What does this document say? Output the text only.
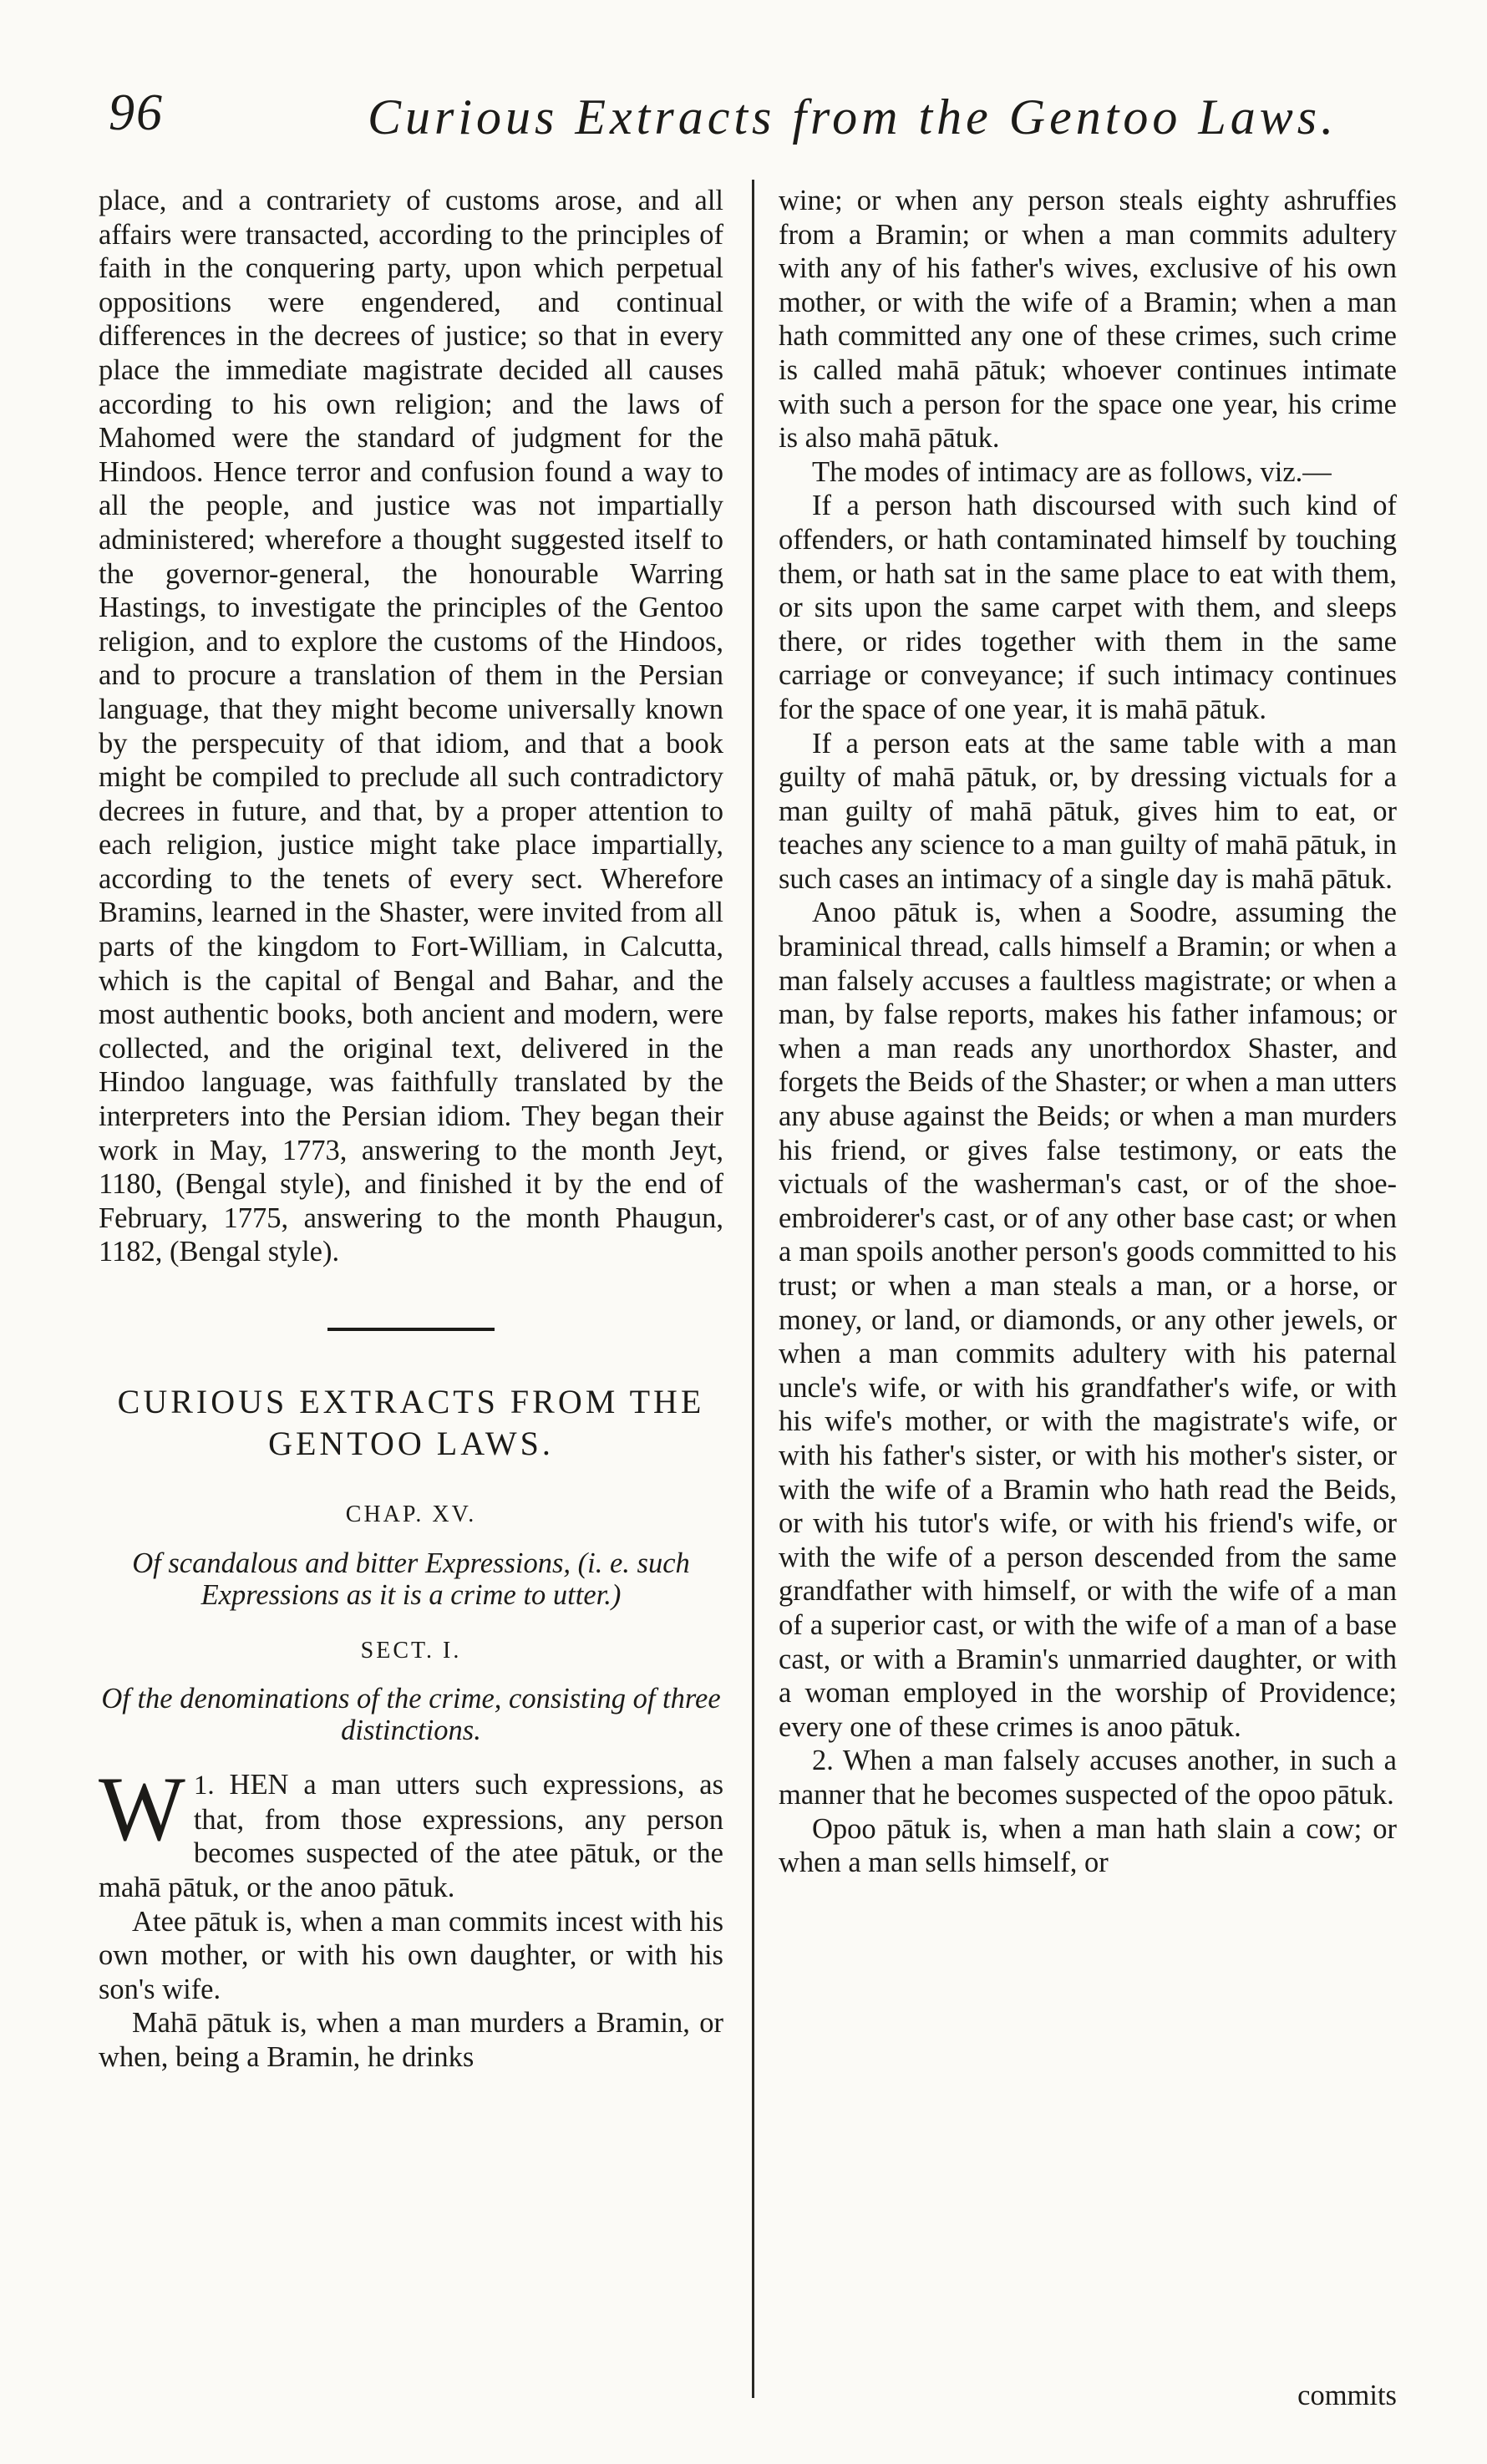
96	Curious Extracts from the Gentoo Laws.

place, and a contrariety of customs arose, and all affairs were transacted, according to the principles of faith in the conquering party, upon which perpetual oppositions were engendered, and continual differences in the decrees of justice; so that in every place the immediate magistrate decided all causes according to his own religion; and the laws of Mahomed were the standard of judgment for the Hindoos. Hence terror and confusion found a way to all the people, and justice was not impartially administered; wherefore a thought suggested itself to the governor-general, the honourable Warring Hastings, to investigate the principles of the Gentoo religion, and to explore the customs of the Hindoos, and to procure a translation of them in the Persian language, that they might become universally known by the perspecuity of that idiom, and that a book might be compiled to preclude all such contradictory decrees in future, and that, by a proper attention to each religion, justice might take place impartially, according to the tenets of every sect. Wherefore Bramins, learned in the Shaster, were invited from all parts of the kingdom to Fort-William, in Calcutta, which is the capital of Bengal and Bahar, and the most authentic books, both ancient and modern, were collected, and the original text, delivered in the Hindoo language, was faithfully translated by the interpreters into the Persian idiom. They began their work in May, 1773, answering to the month Jeyt, 1180, (Bengal style), and finished it by the end of February, 1775, answering to the month Phaugun, 1182, (Bengal style).

CURIOUS EXTRACTS FROM THE
GENTOO LAWS.
CHAP. XV.

Of scandalous and bitter Expressions, (i. e. such Expressions as it is a crime to utter.)

SECT. I.

Of the denominations of the crime, consisting of three distinctions.

1.
W HEN a man utters such expressions, as that, from those expressions, any person becomes suspected of the atee pātuk, or the mahā pātuk, or the anoo pātuk.

Atee pātuk is, when a man commits incest with his own mother, or with his own daughter, or with his son's wife.

Mahā pātuk is, when a man murders a Bramin, or when, being a Bramin, he drinks

wine; or when any person steals eighty ashruffies from a Bramin; or when a man commits adultery with any of his father's wives, exclusive of his own mother, or with the wife of a Bramin; when a man hath committed any one of these crimes, such crime is called mahā pātuk; whoever continues intimate with such a person for the space one year, his crime is also mahā pātuk.

The modes of intimacy are as follows, viz.—

If a person hath discoursed with such kind of offenders, or hath contaminated himself by touching them, or hath sat in the same place to eat with them, or sits upon the same carpet with them, and sleeps there, or rides together with them in the same carriage or conveyance; if such intimacy continues for the space of one year, it is mahā pātuk.

If a person eats at the same table with a man guilty of mahā pātuk, or, by dressing victuals for a man guilty of mahā pātuk, gives him to eat, or teaches any science to a man guilty of mahā pātuk, in such cases an intimacy of a single day is mahā pātuk.

Anoo pātuk is, when a Soodre, assuming the braminical thread, calls himself a Bramin; or when a man falsely accuses a faultless magistrate; or when a man, by false reports, makes his father infamous; or when a man reads any unorthordox Shaster, and forgets the Beids of the Shaster; or when a man utters any abuse against the Beids; or when a man murders his friend, or gives false testimony, or eats the victuals of the washerman's cast, or of the shoe-embroiderer's cast, or of any other base cast; or when a man spoils another person's goods committed to his trust; or when a man steals a man, or a horse, or money, or land, or diamonds, or any other jewels, or when a man commits adultery with his paternal uncle's wife, or with his grandfather's wife, or with his wife's mother, or with the magistrate's wife, or with his father's sister, or with his mother's sister, or with the wife of a Bramin who hath read the Beids, or with his tutor's wife, or with his friend's wife, or with the wife of a person descended from the same grandfather with himself, or with the wife of a man of a superior cast, or with the wife of a man of a base cast, or with a Bramin's unmarried daughter, or with a woman employed in the worship of Providence; every one of these crimes is anoo pātuk.

2. When a man falsely accuses another, in such a manner that he becomes suspected of the opoo pātuk.

Opoo pātuk is, when a man hath slain a cow; or when a man sells himself, or

commits
